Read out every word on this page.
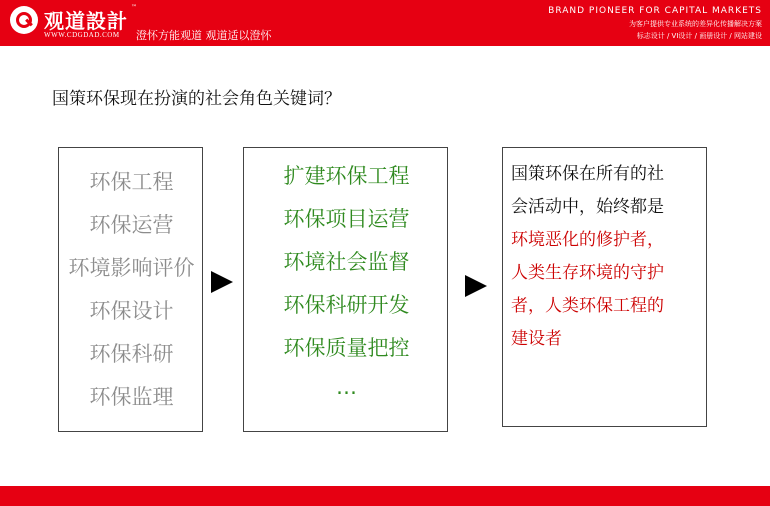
观道設計
™
WWW.CDGDAD.COM 澄怀方能观道 观道适以澄怀
BRAND PIONEER FOR CAPITAL MARKETS
为客户提供专业系统的差异化传播解决方案
标志设计 / VI设计 / 画册设计 / 网站建设
国策环保现在扮演的社会角色关键词？
环保工程
环保运营
环境影响评价
环保设计
环保科研
环保监理
扩建环保工程
环保项目运营
环境社会监督
环保科研开发
环保质量把控
…
国策环保在所有的社
会活动中，始终都是
环境恶化的修护者，
人类生存环境的守护
者，人类环保工程的
建设者
